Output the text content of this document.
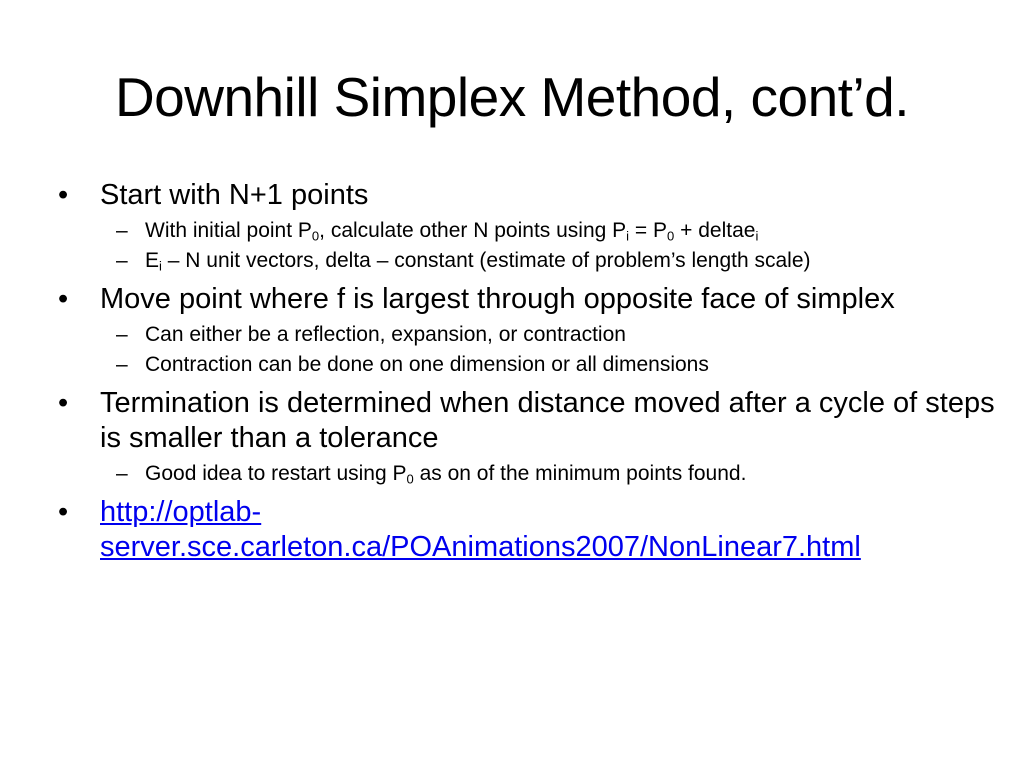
Downhill Simplex Method, cont’d.
• Start with N+1 points
– With initial point $P_0$, calculate other N points using $P_i = P_0$ + deltae$_i$
– $E_i$ – N unit vectors, delta – constant (estimate of problem’s length scale)
• Move point where f is largest through opposite face of simplex
– Can either be a reflection, expansion, or contraction
– Contraction can be done on one dimension or all dimensions
• Termination is determined when distance moved after a cycle of steps is smaller than a tolerance
– Good idea to restart using $P_0$ as on of the minimum points found.
• http://optlab-server.sce.carleton.ca/POAnimations2007/NonLinear7.html
